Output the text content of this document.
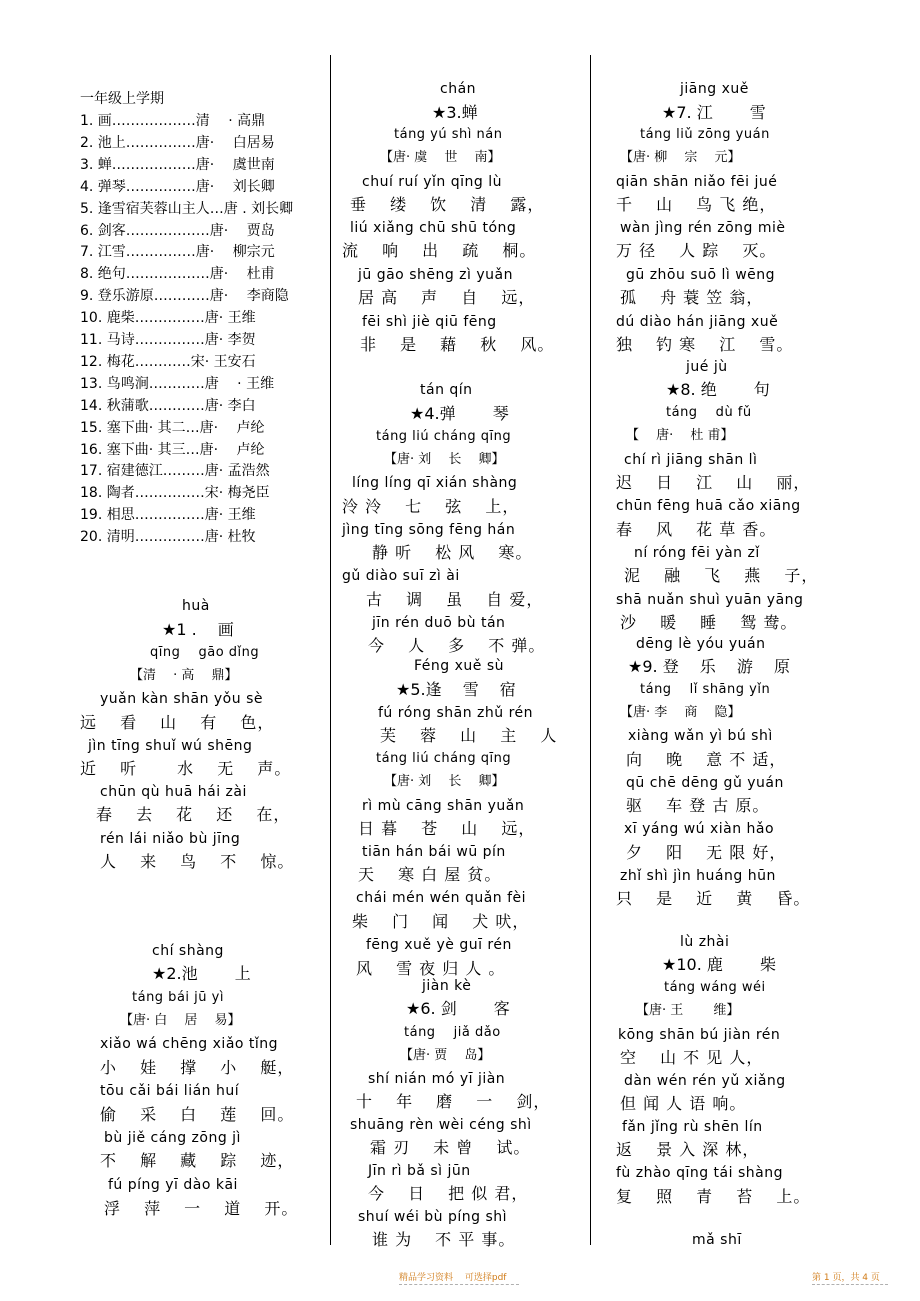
一年级上学期
1. 画………………清　 · 高鼎
2. 池上……………唐·　 白居易
3. 蝉………………唐·　 虞世南
4. 弹琴……………唐·　 刘长卿
5. 逢雪宿芙蓉山主人…唐 . 刘长卿
6. 剑客………………唐·　 贾岛
7. 江雪……………唐·　 柳宗元
8. 绝句………………唐·　 杜甫
9. 登乐游原…………唐·　 李商隐
10. 鹿柴……………唐· 王维
11. 马诗……………唐· 李贺
12. 梅花…………宋· 王安石
13. 鸟鸣涧…………唐　 · 王维
14. 秋蒲歌…………唐· 李白
15. 塞下曲· 其二…唐·　 卢纶
16. 塞下曲· 其三…唐·　 卢纶
17. 宿建德江………唐· 孟浩然
18. 陶者……………宋· 梅尧臣
19. 相思……………唐· 王维
20. 清明……………唐· 杜牧
huà
★1 .　 画
qīng　 gāo dǐng
【清　 · 高　 鼎】
yuǎn kàn shān yǒu sè
远　 看　 山　 有　 色，
jìn tīng shuǐ wú shēng
近　 听　　 水　 无　 声。
chūn qù huā hái zài
春　 去　 花　 还　 在，
rén lái niǎo bù jīng
人　 来　 鸟　 不　 惊。
chí shàng
★2.池　　 上
táng bái jū yì
【唐· 白　 居　 易】
xiǎo wá chēng xiǎo tǐng
小　 娃　 撑　 小　 艇，
tōu cǎi bái lián huí
偷　 采　 白　 莲　 回。
bù jiě cáng zōng jì
不　 解　 藏　 踪　 迹，
fú píng yī dào kāi
浮　 萍　 一　 道　 开。
chán
★3.蝉
táng yú shì nán
【唐· 虞　 世　 南】
chuí ruí yǐn qīng lù
垂　 缕　 饮　 清　 露，
liú xiǎng chū shū tóng
流　 响　 出　 疏　 桐。
jū gāo shēng zì yuǎn
居 高　 声　 自　 远，
fēi shì jiè qiū fēng
非　 是　 藉　 秋　 风。
tán qín
★4.弹　　 琴
táng liú cháng qīng
【唐· 刘　 长　 卿】
líng líng qī xián shàng
泠 泠　 七　 弦　 上，
jìng tīng sōng fēng hán
静 听　 松 风　 寒。
gǔ diào suī zì ài
古　 调　 虽　 自 爱，
jīn rén duō bù tán
今　 人　 多　 不 弹。
Féng xuě sù
★5.逢　 雪　 宿
fú róng shān zhǔ rén
芙　 蓉　 山　 主　 人
táng liú cháng qīng
【唐· 刘　 长　 卿】
rì mù cāng shān yuǎn
日 暮　 苍　 山　 远，
tiān hán bái wū pín
天　 寒 白 屋 贫。
chái mén wén quǎn fèi
柴　 门　 闻　 犬 吠，
fēng xuě yè guī rén
风　 雪 夜 归 人 。
jiàn kè
★6. 剑　　 客
táng　 jiǎ dǎo
【唐· 贾　 岛】
shí nián mó yī jiàn
十　 年　 磨　 一　 剑，
shuāng rèn wèi céng shì
霜 刃　 未 曾　 试。
Jīn rì bǎ sì jūn
今　 日　 把 似 君，
shuí wéi bù píng shì
谁 为　 不 平 事。
jiāng xuě
★7. 江　　 雪
táng liǔ zōng yuán
【唐· 柳　 宗　 元】
qiān shān niǎo fēi jué
千　 山　 鸟 飞 绝，
wàn jìng rén zōng miè
万 径　 人 踪　 灭。
gū zhōu suō lì wēng
孤　 舟 蓑 笠 翁，
dú diào hán jiāng xuě
独　 钓 寒　 江　 雪。
jué jù
★8. 绝　　 句
táng　 dù fǔ
【　 唐·　 杜 甫】
chí rì jiāng shān lì
迟　 日　 江　 山　 丽，
chūn fēng huā cǎo xiāng
春　 风　 花 草 香。
ní róng fēi yàn zǐ
泥　 融　 飞　 燕　 子，
shā nuǎn shuì yuān yāng
沙　 暖　 睡　 鸳 鸯。
dēng lè yóu yuán
★9. 登　 乐　 游　 原
táng　 lǐ shāng yǐn
【唐· 李　 商　 隐】
xiàng wǎn yì bú shì
向　 晚　 意 不 适，
qū chē dēng gǔ yuán
驱　 车 登 古 原。
xī yáng wú xiàn hǎo
夕　 阳　 无 限 好，
zhǐ shì jìn huáng hūn
只　 是　 近　 黄　 昏。
lù zhài
★10. 鹿　　 柴
táng wáng wéi
【唐· 王　　 维】
kōng shān bú jiàn rén
空　 山 不 见 人，
dàn wén rén yǔ xiǎng
但 闻 人 语 响。
fǎn jǐng rù shēn lín
返　 景 入 深 林，
fù zhào qīng tái shàng
复　 照　 青　 苔　 上。
mǎ shī
精品学习资料　 可选择pdf	第 1 页，共 4 页
